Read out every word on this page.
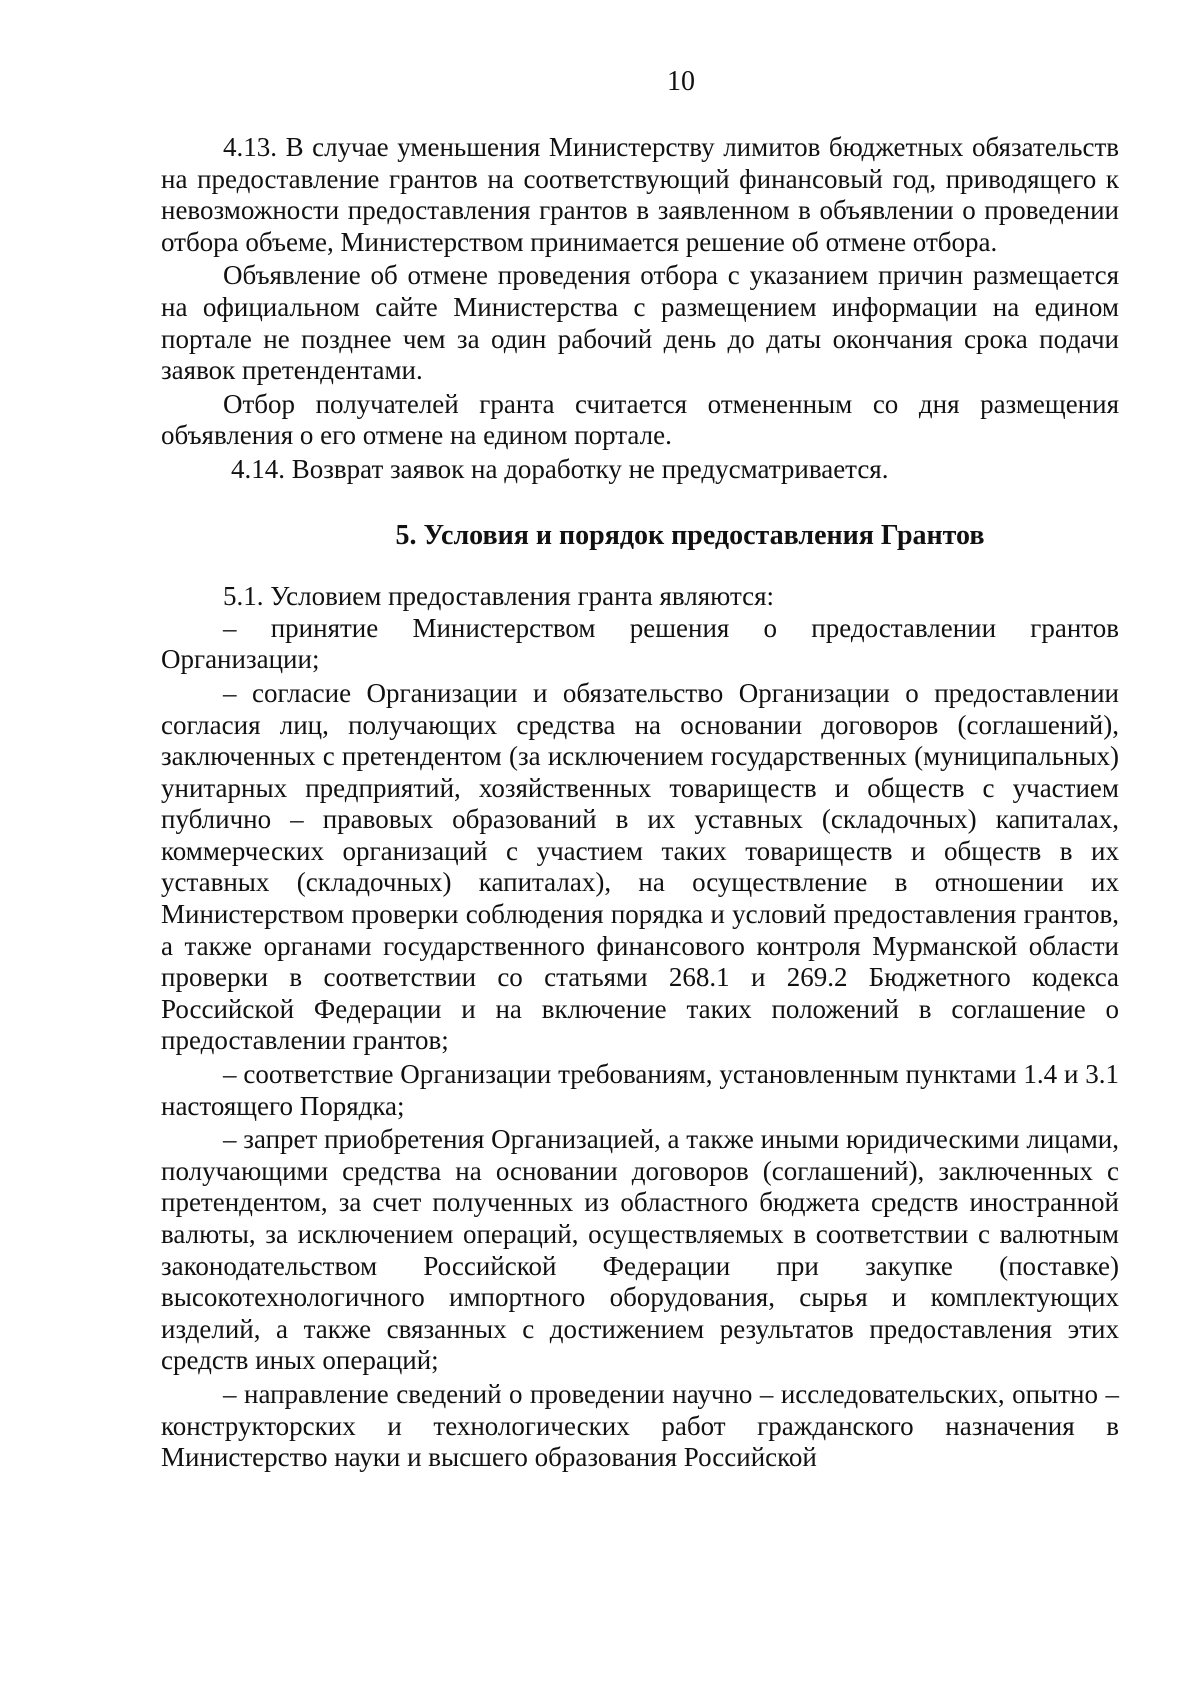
10

4.13. В случае уменьшения Министерству лимитов бюджетных обязательств на предоставление грантов на соответствующий финансовый год, приводящего к невозможности предоставления грантов в заявленном в объявлении о проведении отбора объеме, Министерством принимается решение об отмене отбора.

Объявление об отмене проведения отбора с указанием причин размещается на официальном сайте Министерства с размещением информации на едином портале не позднее чем за один рабочий день до даты окончания срока подачи заявок претендентами.

Отбор получателей гранта считается отмененным со дня размещения объявления о его отмене на едином портале.

4.14. Возврат заявок на доработку не предусматривается.

5. Условия и порядок предоставления Грантов

5.1. Условием предоставления гранта являются:

– принятие Министерством решения о предоставлении грантов Организации;

– согласие Организации и обязательство Организации о предоставлении согласия лиц, получающих средства на основании договоров (соглашений), заключенных с претендентом (за исключением государственных (муниципальных) унитарных предприятий, хозяйственных товариществ и обществ с участием публично – правовых образований в их уставных (складочных) капиталах, коммерческих организаций с участием таких товариществ и обществ в их уставных (складочных) капиталах), на осуществление в отношении их Министерством проверки соблюдения порядка и условий предоставления грантов, а также органами государственного финансового контроля Мурманской области проверки в соответствии со статьями 268.1 и 269.2 Бюджетного кодекса Российской Федерации и на включение таких положений в соглашение о предоставлении грантов;

– соответствие Организации требованиям, установленным пунктами 1.4 и 3.1 настоящего Порядка;

– запрет приобретения Организацией, а также иными юридическими лицами, получающими средства на основании договоров (соглашений), заключенных с претендентом, за счет полученных из областного бюджета средств иностранной валюты, за исключением операций, осуществляемых в соответствии с валютным законодательством Российской Федерации при закупке (поставке) высокотехнологичного импортного оборудования, сырья и комплектующих изделий, а также связанных с достижением результатов предоставления этих средств иных операций;

– направление сведений о проведении научно – исследовательских, опытно – конструкторских и технологических работ гражданского назначения в Министерство науки и высшего образования Российской
